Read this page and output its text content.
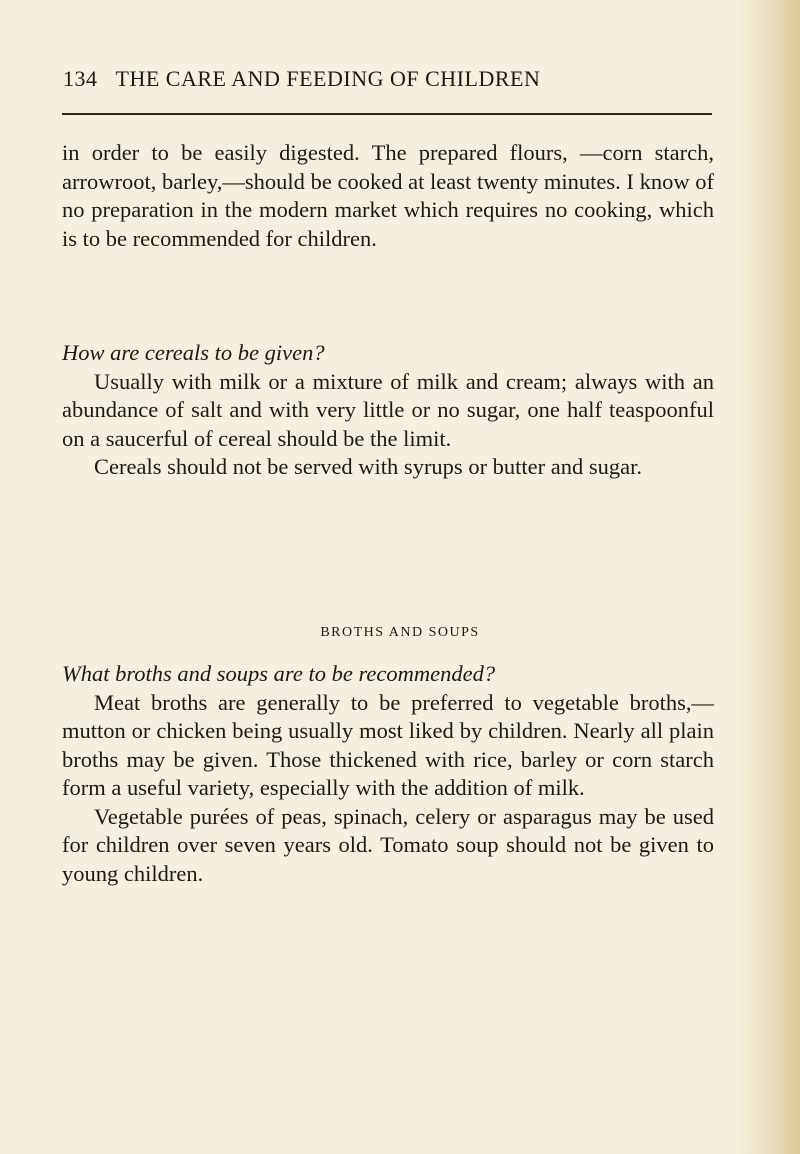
134 THE CARE AND FEEDING OF CHILDREN

in order to be easily digested. The prepared flours, —corn starch, arrowroot, barley,—should be cooked at least twenty minutes. I know of no preparation in the modern market which requires no cooking, which is to be recommended for children.

How are cereals to be given?

Usually with milk or a mixture of milk and cream; always with an abundance of salt and with very little or no sugar, one half teaspoonful on a saucerful of cereal should be the limit.

Cereals should not be served with syrups or butter and sugar.

BROTHS AND SOUPS

What broths and soups are to be recommended?

Meat broths are generally to be preferred to vegetable broths,—mutton or chicken being usually most liked by children. Nearly all plain broths may be given. Those thickened with rice, barley or corn starch form a useful variety, especially with the addition of milk.

Vegetable purées of peas, spinach, celery or asparagus may be used for children over seven years old. Tomato soup should not be given to young children.
